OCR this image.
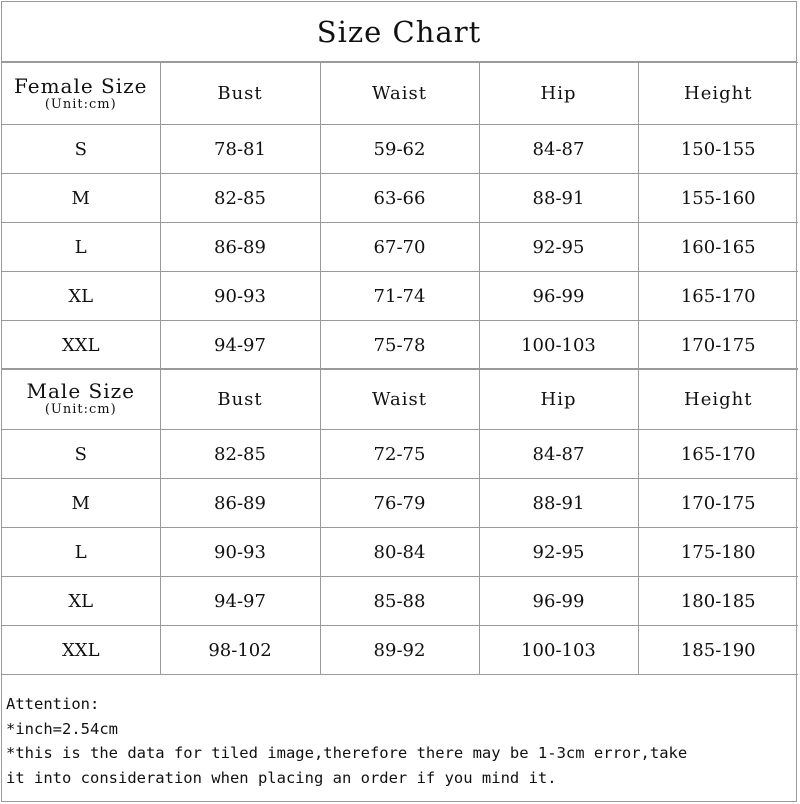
Size Chart
Female Size
(Unit:cm)	Bust	Waist	Hip	Height
S	78-81	59-62	84-87	150-155
M	82-85	63-66	88-91	155-160
L	86-89	67-70	92-95	160-165
XL	90-93	71-74	96-99	165-170
XXL	94-97	75-78	100-103	170-175
Male Size
(Unit:cm)	Bust	Waist	Hip	Height
S	82-85	72-75	84-87	165-170
M	86-89	76-79	88-91	170-175
L	90-93	80-84	92-95	175-180
XL	94-97	85-88	96-99	180-185
XXL	98-102	89-92	100-103	185-190
Attention:
*inch=2.54cm
*this is the data for tiled image,therefore there may be 1-3cm error,take
it into consideration when placing an order if you mind it.
